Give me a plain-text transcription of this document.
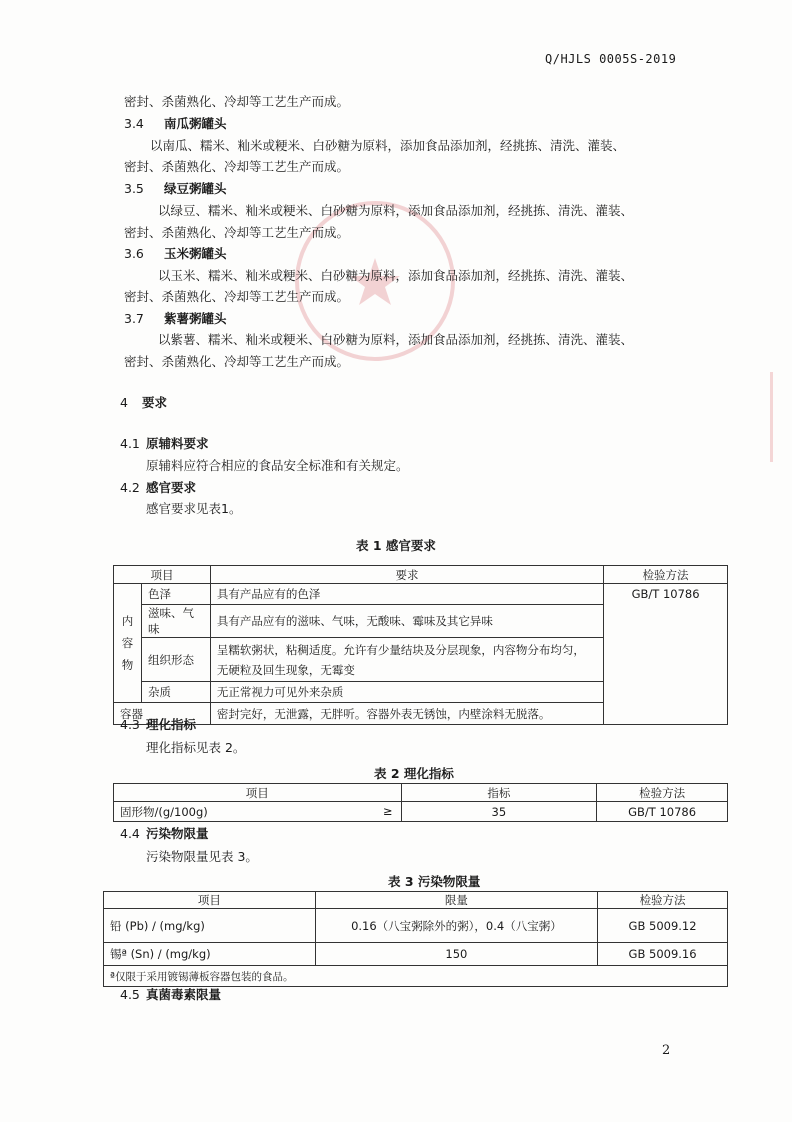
Q/HJLS 0005S-2019
密封、杀菌熟化、冷却等工艺生产而成。
3.4 南瓜粥罐头
以南瓜、糯米、籼米或粳米、白砂糖为原料，添加食品添加剂，经挑拣、清洗、灌装、
密封、杀菌熟化、冷却等工艺生产而成。
3.5 绿豆粥罐头
以绿豆、糯米、籼米或粳米、白砂糖为原料，添加食品添加剂，经挑拣、清洗、灌装、
密封、杀菌熟化、冷却等工艺生产而成。
3.6 玉米粥罐头
以玉米、糯米、籼米或粳米、白砂糖为原料，添加食品添加剂，经挑拣、清洗、灌装、
密封、杀菌熟化、冷却等工艺生产而成。
3.7 紫薯粥罐头
以紫薯、糯米、籼米或粳米、白砂糖为原料，添加食品添加剂，经挑拣、清洗、灌装、
密封、杀菌熟化、冷却等工艺生产而成。
4 要求
4.1 原辅料要求
原辅料应符合相应的食品安全标准和有关规定。
4.2 感官要求
感官要求见表1。
表 1 感官要求
项目		要求	检验方法
内容物	色泽	具有产品应有的色泽	GB/T 10786
	滋味、气味	具有产品应有的滋味、气味，无酸味、霉味及其它异味	
	组织形态	呈糯软粥状，粘稠适度。允许有少量结块及分层现象，内容物分布均匀，
无硬粒及回生现象，无霉变	

	杂质	无正常视力可见外来杂质	
容器		密封完好，无泄露，无胖听。容器外表无锈蚀，内壁涂料无脱落。	
4.3 理化指标
理化指标见表 2。
表 2 理化指标
项目	指标	检验方法
固形物/(g/100g) ≥	35	GB/T 10786
4.4 污染物限量
污染物限量见表 3。
表 3 污染物限量
项目	限量	检验方法
铅 (Pb) / (mg/kg)	0.16（八宝粥除外的粥），0.4（八宝粥）	GB 5009.12
锡ª (Sn) / (mg/kg)	150	GB 5009.16
ª仅限于采用镀锡薄板容器包装的食品。		
4.5 真菌毒素限量
2
